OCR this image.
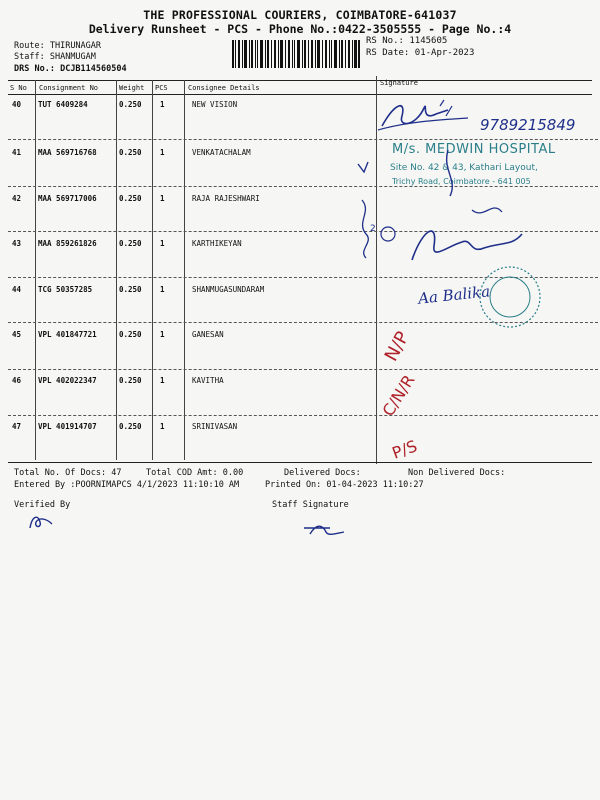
THE PROFESSIONAL COURIERS, COIMBATORE-641037
Delivery Runsheet - PCS - Phone No.:0422-3505555 - Page No.:4
Route: THIRUNAGAR
Staff: SHANMUGAM
DRS No.: DCJB114560504
RS No.: 1145605
RS Date: 01-Apr-2023
S No Consignment No	Weight PCS	Consignee Details
Signature
40 TUT 6409284	0.250 1	NEW VISION
41 MAA 569716768	0.250 1	VENKATACHALAM
42 MAA 569717006	0.250 1	RAJA RAJESHWARI
43 MAA 859261826	0.250 1	KARTHIKEYAN
44 TCG 50357285	0.250 1	SHANMUGASUNDARAM
45 VPL 401847721	0.250 1	GANESAN
46 VPL 402022347	0.250 1	KAVITHA
47 VPL 401914707	0.250 1	SRINIVASAN
9789215849
M/s. MEDWIN HOSPITAL
Site No. 42 & 43, Kathari Layout,
Trichy Road, Coimbatore - 641 005
2
Aa Balika
N/P
C/N/R
P/S
Total No. Of Docs: 47	Total COD Amt: 0.00	Delivered Docs:	Non Delivered Docs:
Entered By :POORNIMAPCS 4/1/2023 11:10:10 AM	Printed On: 01-04-2023 11:10:27
Verified By	Staff Signature
